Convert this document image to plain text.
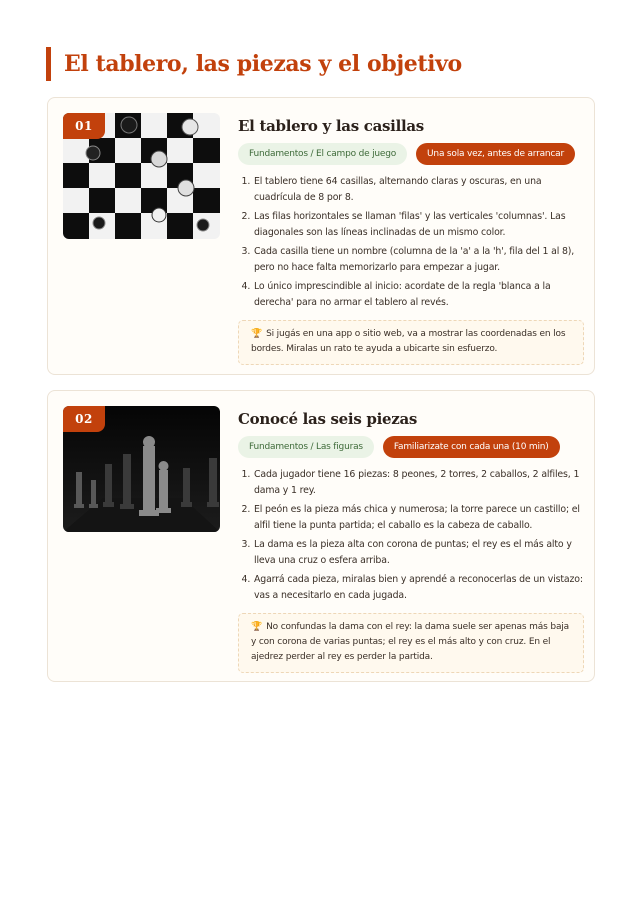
El tablero, las piezas y el objetivo
01	El tablero y las casillas
Fundamentos / El campo de juego	Una sola vez, antes de arrancar
1. El tablero tiene 64 casillas, alternando claras y oscuras, en una cuadrícula de 8 por 8.
2. Las filas horizontales se llaman 'filas' y las verticales 'columnas'. Las diagonales son las líneas inclinadas de un mismo color.
3. Cada casilla tiene un nombre (columna de la 'a' a la 'h', fila del 1 al 8), pero no hace falta memorizarlo para empezar a jugar.
4. Lo único imprescindible al inicio: acordate de la regla 'blanca a la derecha' para no armar el tablero al revés.
🏆 Si jugás en una app o sitio web, va a mostrar las coordenadas en los bordes. Miralas un rato te ayuda a ubicarte sin esfuerzo.
02	Conocé las seis piezas
Fundamentos / Las figuras	Familiarizate con cada una (10 min)
1. Cada jugador tiene 16 piezas: 8 peones, 2 torres, 2 caballos, 2 alfiles, 1 dama y 1 rey.
2. El peón es la pieza más chica y numerosa; la torre parece un castillo; el alfil tiene la punta partida; el caballo es la cabeza de caballo.
3. La dama es la pieza alta con corona de puntas; el rey es el más alto y lleva una cruz o esfera arriba.
4. Agarrá cada pieza, miralas bien y aprendé a reconocerlas de un vistazo: vas a necesitarlo en cada jugada.
🏆 No confundas la dama con el rey: la dama suele ser apenas más baja y con corona de varias puntas; el rey es el más alto y con cruz. En el ajedrez perder al rey es perder la partida.
